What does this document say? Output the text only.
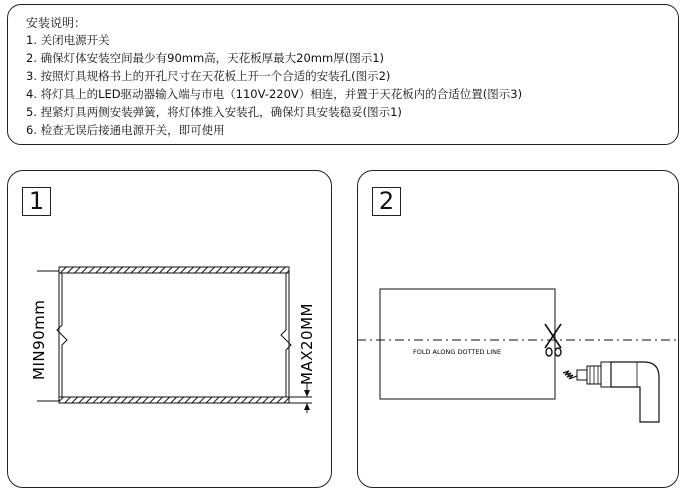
安装说明：
1. 关闭电源开关
2. 确保灯体安装空间最少有90mm高，天花板厚最大20mm厚(图示1)
3. 按照灯具规格书上的开孔尺寸在天花板上开一个合适的安装孔(图示2)
4. 将灯具上的LED驱动器输入端与市电（110V-220V）相连，并置于天花板内的合适位置(图示3)
5. 捏紧灯具两侧安装弹簧，将灯体推入安装孔，确保灯具安装稳妥(图示1)
6. 检查无误后接通电源开关，即可使用
1
MIN90mm	MAX20MM
2
FOLD ALONG DOTTED LINE
